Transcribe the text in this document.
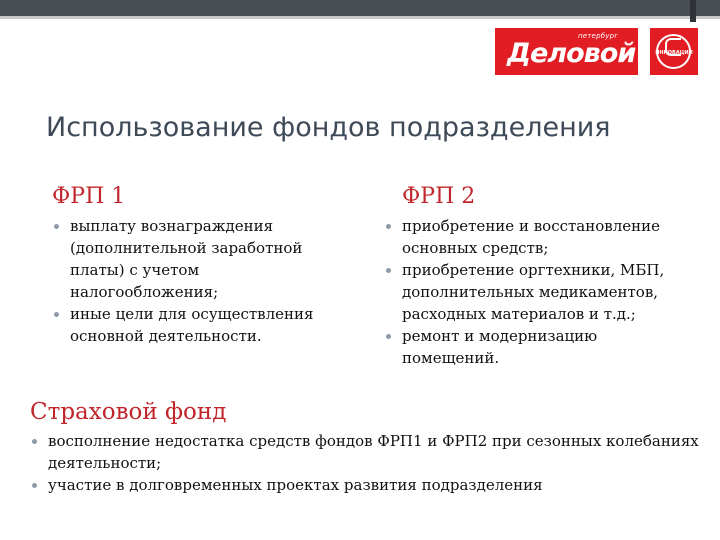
петербург
Деловой	ИННОВАЦИИ
Использование фондов подразделения
ФРП 1
выплату вознаграждения (дополнительной заработной платы) с учетом налогообложения;
иные цели для осуществления основной деятельности.
ФРП 2
приобретение и восстановление основных средств;
приобретение оргтехники, МБП, дополнительных медикаментов, расходных материалов и т.д.;
ремонт и модернизацию помещений.
Страховой фонд
восполнение недостатка средств фондов ФРП1 и ФРП2 при сезонных колебаниях деятельности;
участие в долговременных проектах развития подразделения
